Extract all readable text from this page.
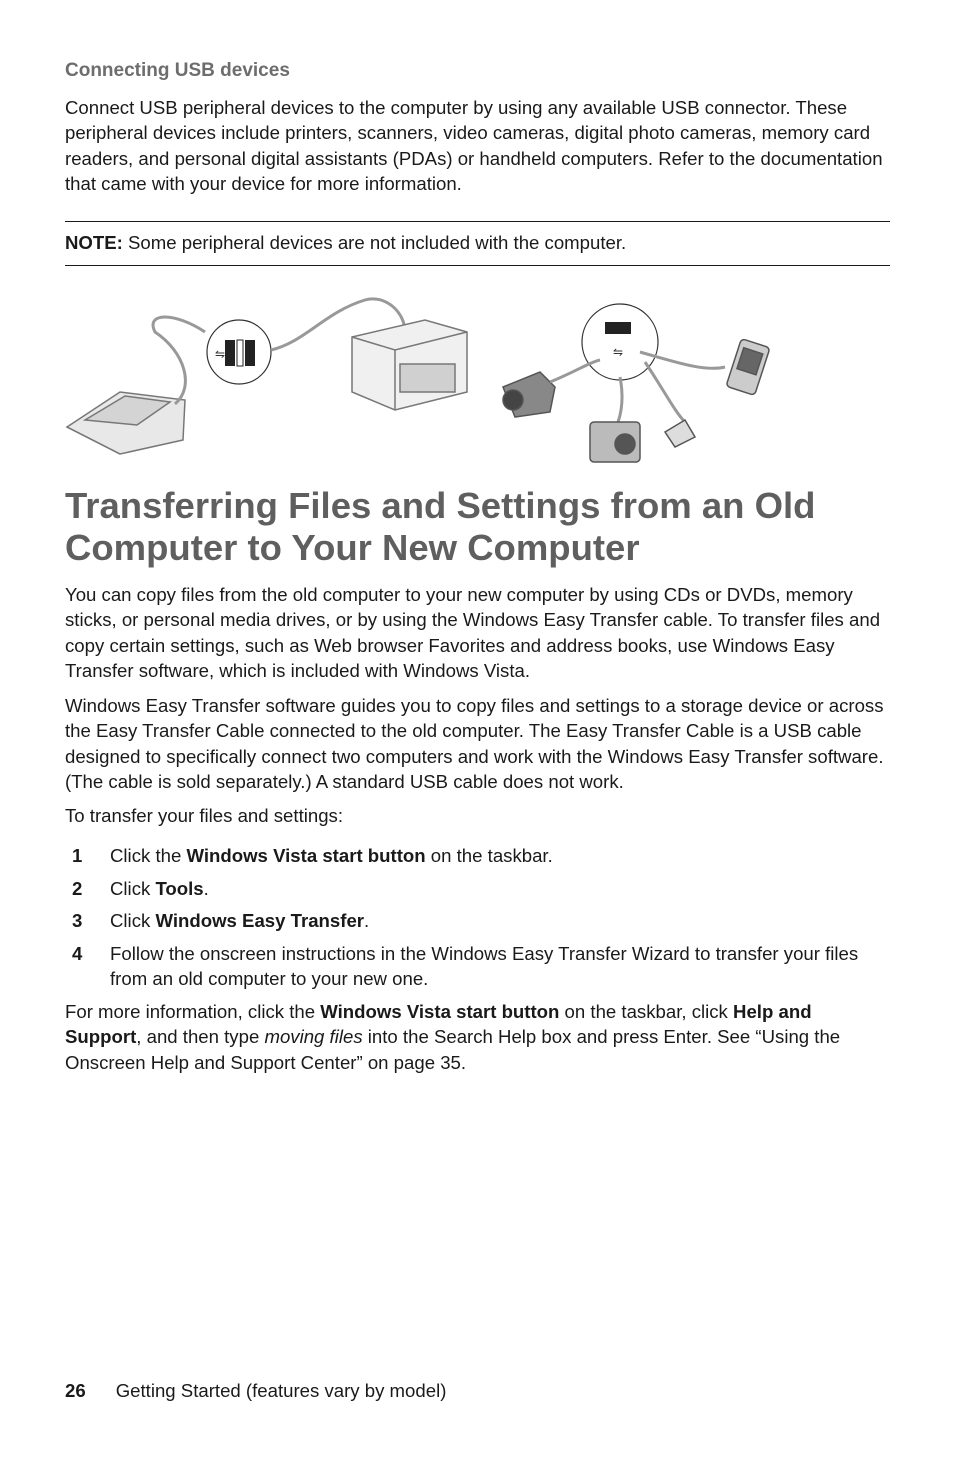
Connecting USB devices

Connect USB peripheral devices to the computer by using any available USB connector. These peripheral devices include printers, scanners, video cameras, digital photo cameras, memory card readers, and personal digital assistants (PDAs) or handheld computers. Refer to the documentation that came with your device for more information.

NOTE: Some peripheral devices are not included with the computer.

⇋	⇋
Transferring Files and Settings from an Old Computer to Your New Computer

You can copy files from the old computer to your new computer by using CDs or DVDs, memory sticks, or personal media drives, or by using the Windows Easy Transfer cable. To transfer files and copy certain settings, such as Web browser Favorites and address books, use Windows Easy Transfer software, which is included with Windows Vista.

Windows Easy Transfer software guides you to copy files and settings to a storage device or across the Easy Transfer Cable connected to the old computer. The Easy Transfer Cable is a USB cable designed to specifically connect two computers and work with the Windows Easy Transfer software. (The cable is sold separately.) A standard USB cable does not work.

To transfer your files and settings:

1 Click the Windows Vista start button on the taskbar.
2 Click Tools.
3 Click Windows Easy Transfer.
4 Follow the onscreen instructions in the Windows Easy Transfer Wizard to transfer your files from an old computer to your new one.

For more information, click the Windows Vista start button on the taskbar, click Help and Support, and then type moving files into the Search Help box and press Enter. See “Using the Onscreen Help and Support Center” on page 35.

26 Getting Started (features vary by model)
